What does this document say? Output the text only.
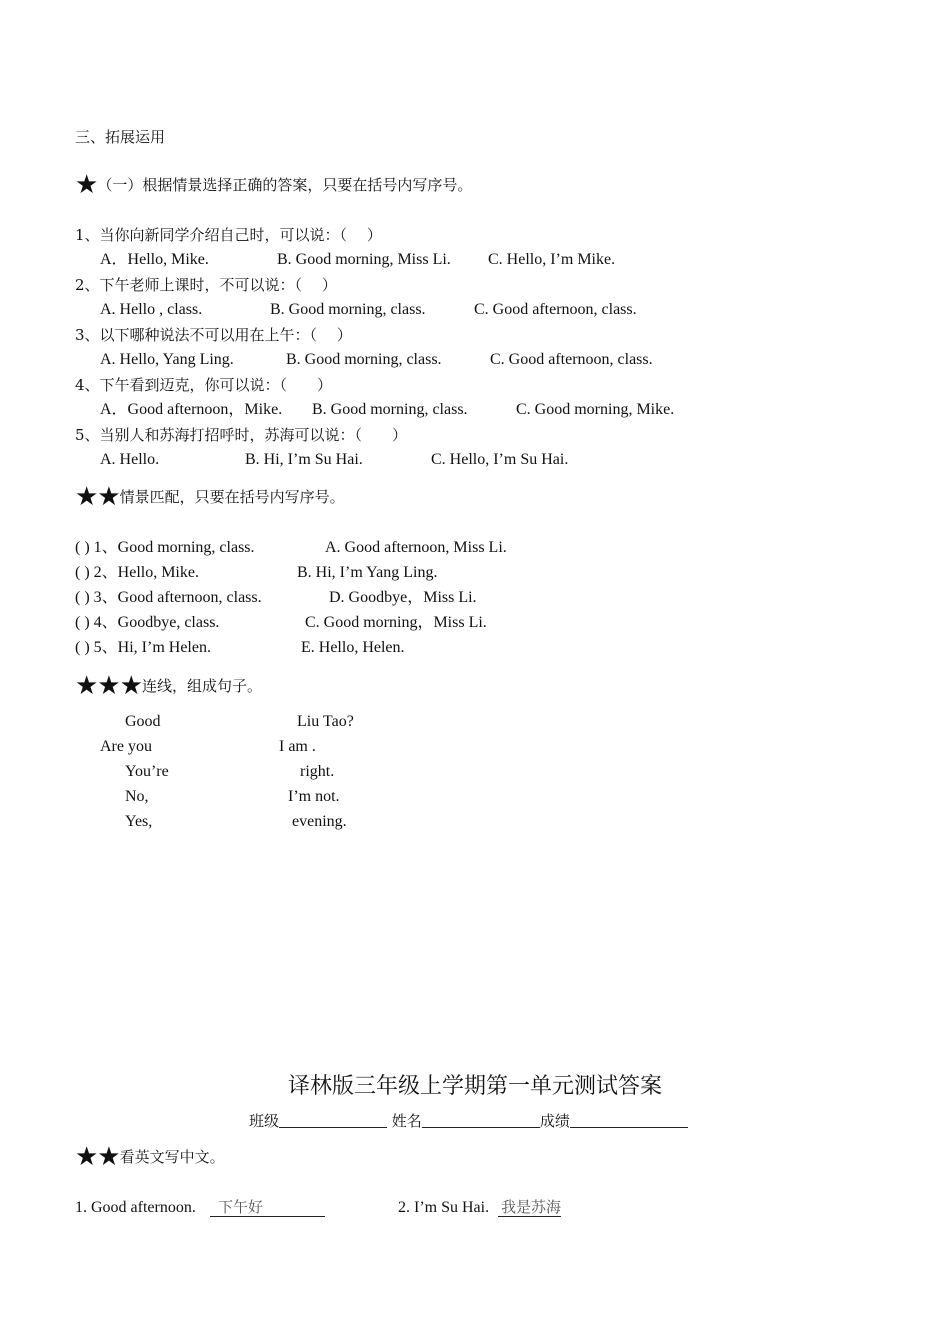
三、拓展运用
★（一）根据情景选择正确的答案，只要在括号内写序号。
1、当你向新同学介绍自己时，可以说：（　 ）
A．Hello, Mike.	B. Good morning, Miss Li. C. Hello, I’m Mike.
2、下午老师上课时，不可以说：（　 ）
A. Hello , class.	B. Good morning, class.	C. Good afternoon, class.
3、以下哪种说法不可以用在上午：（　 ）
A. Hello, Yang Ling.	B. Good morning, class.	C. Good afternoon, class.
4、下午看到迈克，你可以说：（　　）
A．Good afternoon，Mike. B. Good morning, class.	C. Good morning, Mike.
5、当别人和苏海打招呼时，苏海可以说：（　　）
A. Hello.	B. Hi, I’m Su Hai.	C. Hello, I’m Su Hai.
★★情景匹配，只要在括号内写序号。
( ) 1、Good morning, class.	A. Good afternoon, Miss Li.
( ) 2、Hello, Mike.	B. Hi, I’m Yang Ling.
( ) 3、Good afternoon, class.	D. Goodbye，Miss Li.
( ) 4、Goodbye, class.	C. Good morning，Miss Li.
( ) 5、Hi, I’m Helen.	E. Hello, Helen.
★★★连线，组成句子。
Good	Liu Tao?
Are you	I am .
You’re	right.
No,	I’m not.
Yes,	evening.
译林版三年级上学期第一单元测试答案
班级	姓名	成绩
★★看英文写中文。
1. Good afternoon.	下午好	2. I’m Su Hai. 我是苏海
